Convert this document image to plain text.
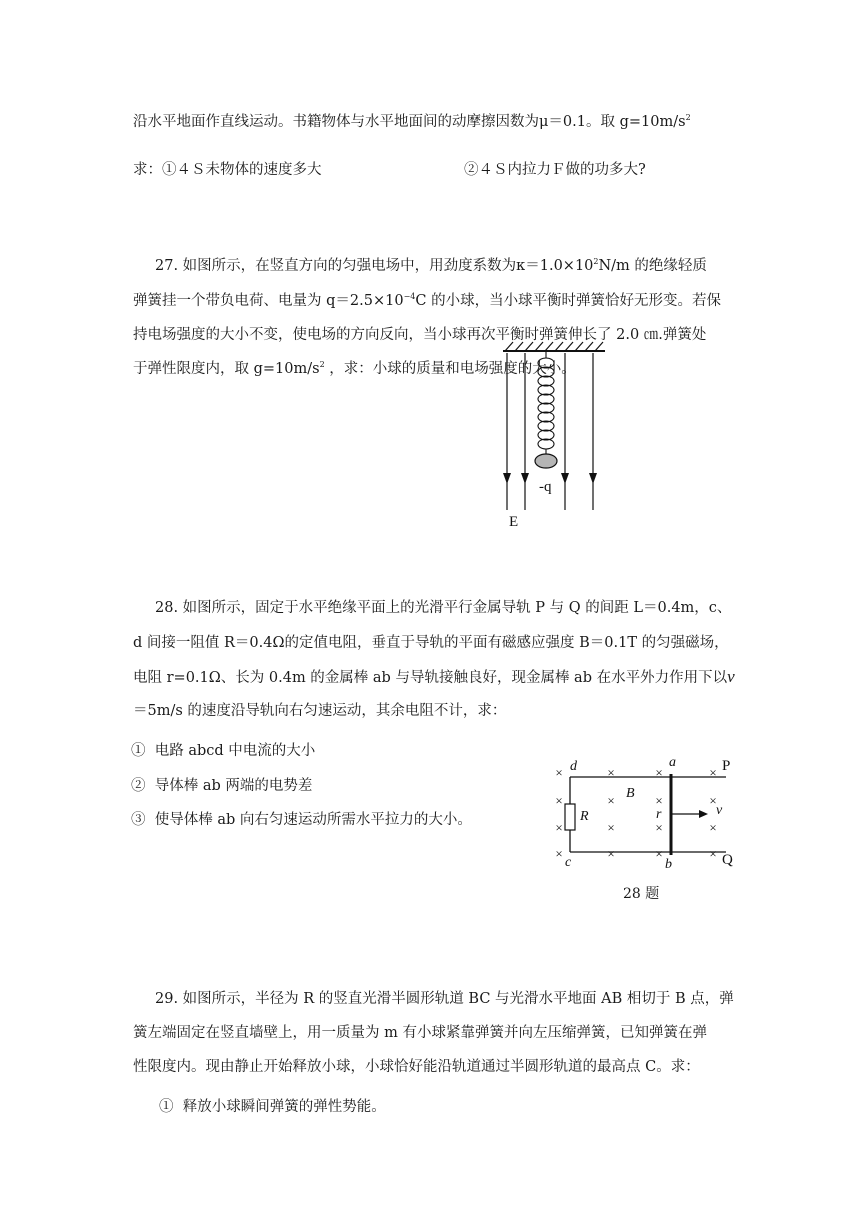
沿水平地面作直线运动。书籍物体与水平地面间的动摩擦因数为μ＝0.1。取 $g=10m/s^2$
求：①４Ｓ未物体的速度多大	②４Ｓ内拉力Ｆ做的功多大?
27. 如图所示，在竖直方向的匀强电场中，用劲度系数为$\kappa=1.0\times 10^2N/m$ 的绝缘轻质
弹簧挂一个带负电荷、电量为 $q=2.5\times 10^{-4}C$ 的小球，当小球平衡时弹簧恰好无形变。若保
持电场强度的大小不变，使电场的方向反向，当小球再次平衡时弹簧伸长了 2.0 ㎝.弹簧处
-q
E
于弹性限度内，取 $g=10m/s^2$ ，求：小球的质量和电场强度的大小。
28. 如图所示，固定于水平绝缘平面上的光滑平行金属导轨 P 与 Q 的间距 L＝0.4m，c、
d 间接一阻值 R＝0.4Ω的定值电阻，垂直于导轨的平面有磁感应强度 B＝0.1T 的匀强磁场，
电阻 r=0.1Ω、长为 0.4m 的金属棒 ab 与导轨接触良好，现金属棒 ab 在水平外力作用下以v
＝5m/s 的速度沿导轨向右匀速运动，其余电阻不计，求：
① 电路 abcd 中电流的大小
② 导体棒 ab 两端的电势差
③ 使导体棒 ab 向右匀速运动所需水平拉力的大小。
×	×	×	×
×	×	×	×
×	×	×	×
×	×	×	×
d	a
B
R	r	v
c	b
P
Q
28 题
29. 如图所示，半径为 R 的竖直光滑半圆形轨道 BC 与光滑水平地面 AB 相切于 B 点，弹
簧左端固定在竖直墙壁上，用一质量为 m 有小球紧靠弹簧并向左压缩弹簧，已知弹簧在弹
性限度内。现由静止开始释放小球，小球恰好能沿轨道通过半圆形轨道的最高点 C。求：
① 释放小球瞬间弹簧的弹性势能。
